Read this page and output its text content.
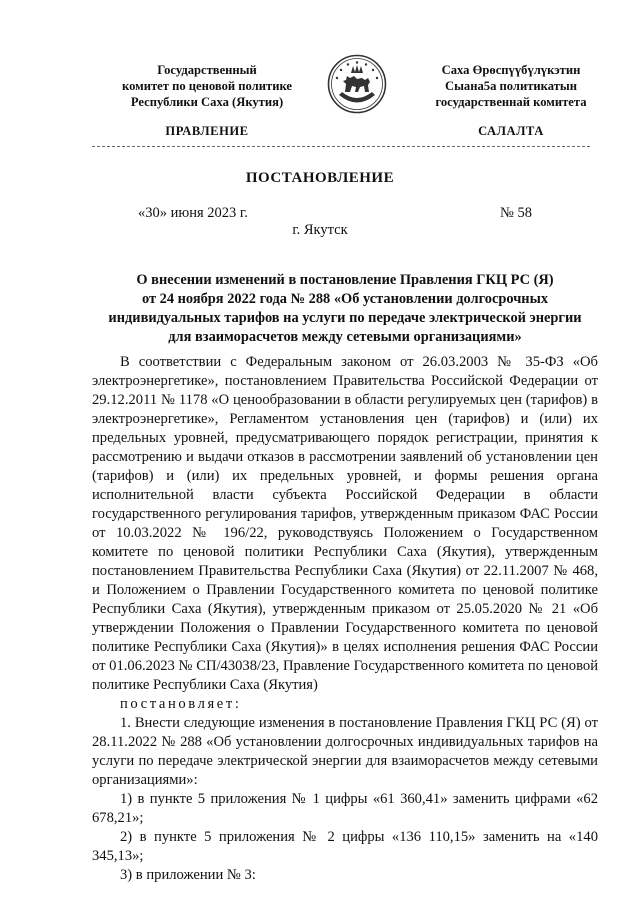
Государственный
комитет по ценовой политике
Республики Саха (Якутия)
Саха Өрөспүүбүлүкэтин
Сыана5а политикатын
государственнай комитета
ПРАВЛЕНИЕ	САЛАЛТА
ПОСТАНОВЛЕНИЕ
«30» июня 2023 г.	№ 58
г. Якутск
О внесении изменений в постановление Правления ГКЦ РС (Я)
от 24 ноября 2022 года № 288 «Об установлении долгосрочных
индивидуальных тарифов на услуги по передаче электрической энергии
для взаиморасчетов между сетевыми организациями»

В соответствии с Федеральным законом от 26.03.2003 № 35-ФЗ «Об электроэнергетике», постановлением Правительства Российской Федерации от 29.12.2011 № 1178 «О ценообразовании в области регулируемых цен (тарифов) в электроэнергетике», Регламентом установления цен (тарифов) и (или) их предельных уровней, предусматривающего порядок регистрации, принятия к рассмотрению и выдачи отказов в рассмотрении заявлений об установлении цен (тарифов) и (или) их предельных уровней, и формы решения органа исполнительной власти субъекта Российской Федерации в области государственного регулирования тарифов, утвержденным приказом ФАС России от 10.03.2022 № 196/22, руководствуясь Положением о Государственном комитете по ценовой политики Республики Саха (Якутия), утвержденным постановлением Правительства Республики Саха (Якутия) от 22.11.2007 № 468, и Положением о Правлении Государственного комитета по ценовой политике Республики Саха (Якутия), утвержденным приказом от 25.05.2020 № 21 «Об утверждении Положения о Правлении Государственного комитета по ценовой политике Республики Саха (Якутия)» в целях исполнения решения ФАС России от 01.06.2023 № СП/43038/23, Правление Государственного комитета по ценовой политике Республики Саха (Якутия)
постановляет:

1. Внести следующие изменения в постановление Правления ГКЦ РС (Я) от 28.11.2022 № 288 «Об установлении долгосрочных индивидуальных тарифов на услуги по передаче электрической энергии для взаиморасчетов между сетевыми организациями»:

1) в пункте 5 приложения № 1 цифры «61 360,41» заменить цифрами «62 678,21»;

2) в пункте 5 приложения № 2 цифры «136 110,15» заменить на «140 345,13»;

3) в приложении № 3:
